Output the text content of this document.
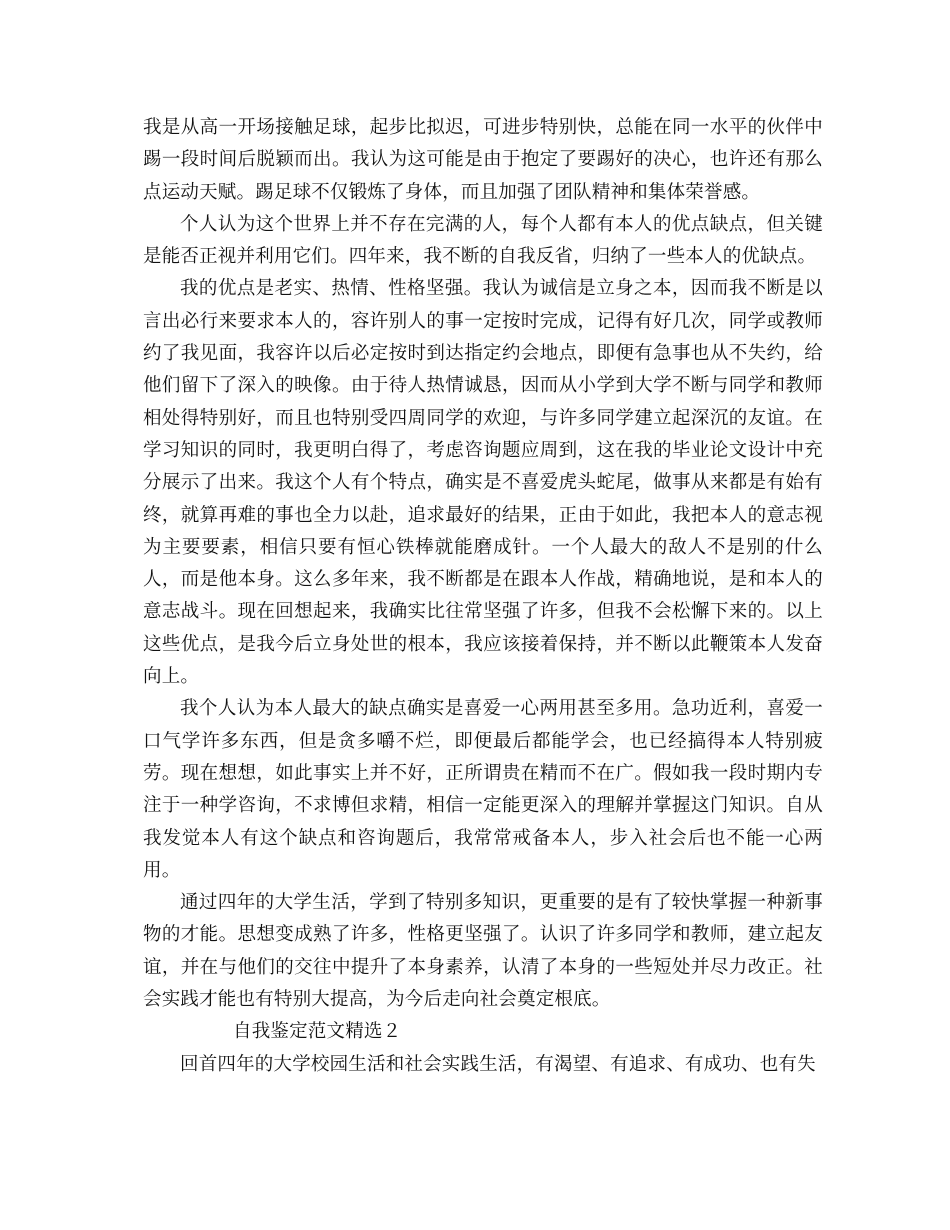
我是从高一开场接触足球，起步比拟迟，可进步特别快，总能在同一水平的伙伴中踢一段时间后脱颖而出。我认为这可能是由于抱定了要踢好的决心，也许还有那么点运动天赋。踢足球不仅锻炼了身体，而且加强了团队精神和集体荣誉感。

个人认为这个世界上并不存在完满的人，每个人都有本人的优点缺点，但关键是能否正视并利用它们。四年来，我不断的自我反省，归纳了一些本人的优缺点。

我的优点是老实、热情、性格坚强。我认为诚信是立身之本，因而我不断是以言出必行来要求本人的，容许别人的事一定按时完成，记得有好几次，同学或教师约了我见面，我容许以后必定按时到达指定约会地点，即便有急事也从不失约，给他们留下了深入的映像。由于待人热情诚恳，因而从小学到大学不断与同学和教师相处得特别好，而且也特别受四周同学的欢迎，与许多同学建立起深沉的友谊。在学习知识的同时，我更明白得了，考虑咨询题应周到，这在我的毕业论文设计中充分展示了出来。我这个人有个特点，确实是不喜爱虎头蛇尾，做事从来都是有始有终，就算再难的事也全力以赴，追求最好的结果，正由于如此，我把本人的意志视为主要要素，相信只要有恒心铁棒就能磨成针。一个人最大的敌人不是别的什么人，而是他本身。这么多年来，我不断都是在跟本人作战，精确地说，是和本人的意志战斗。现在回想起来，我确实比往常坚强了许多，但我不会松懈下来的。以上这些优点，是我今后立身处世的根本，我应该接着保持，并不断以此鞭策本人发奋向上。

我个人认为本人最大的缺点确实是喜爱一心两用甚至多用。急功近利，喜爱一口气学许多东西，但是贪多嚼不烂，即便最后都能学会，也已经搞得本人特别疲劳。现在想想，如此事实上并不好，正所谓贵在精而不在广。假如我一段时期内专注于一种学咨询，不求博但求精，相信一定能更深入的理解并掌握这门知识。自从我发觉本人有这个缺点和咨询题后，我常常戒备本人，步入社会后也不能一心两用。

通过四年的大学生活，学到了特别多知识，更重要的是有了较快掌握一种新事物的才能。思想变成熟了许多，性格更坚强了。认识了许多同学和教师，建立起友谊，并在与他们的交往中提升了本身素养，认清了本身的一些短处并尽力改正。社会实践才能也有特别大提高，为今后走向社会奠定根底。

自我鉴定范文精选２

回首四年的大学校园生活和社会实践生活，有渴望、有追求、有成功、也有失
